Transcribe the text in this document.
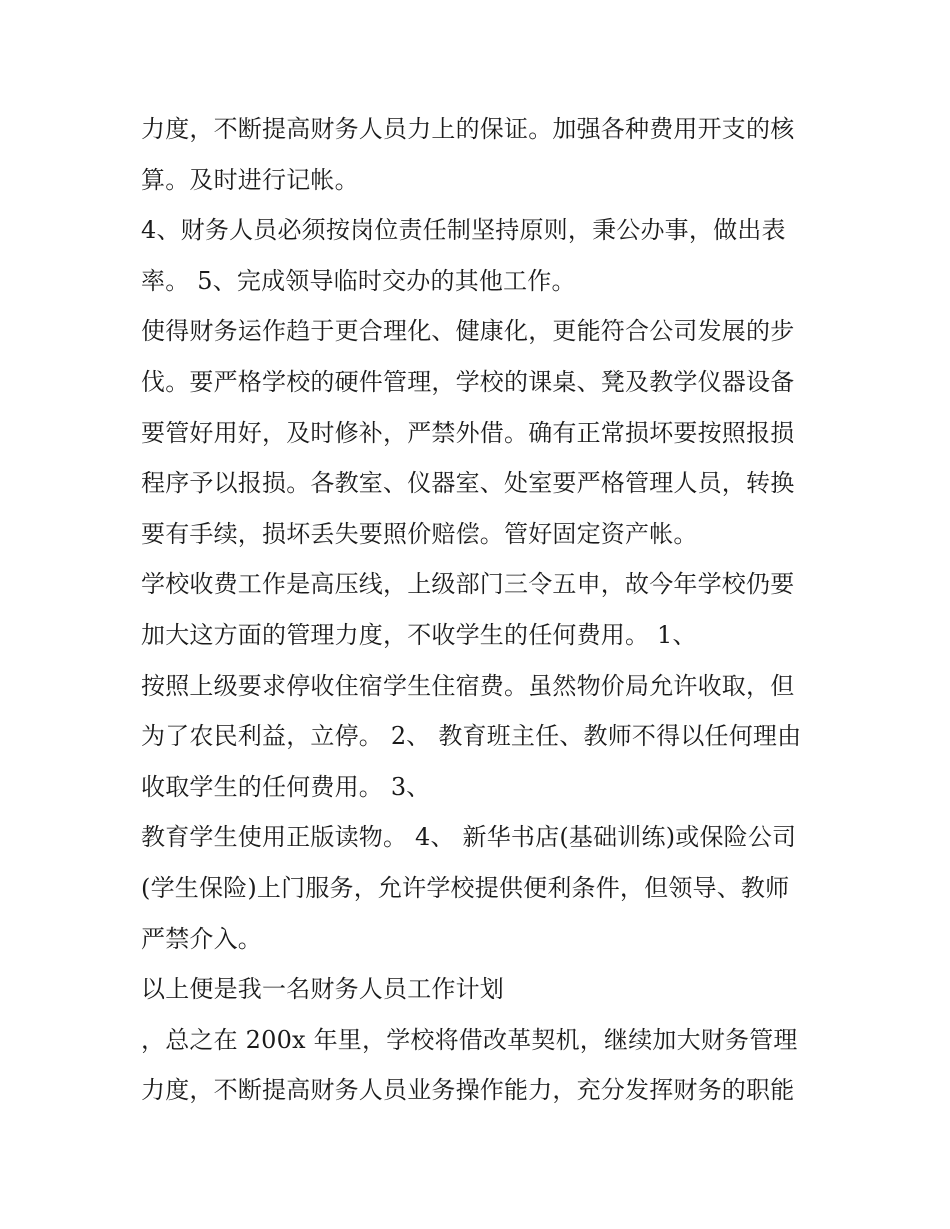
力度，不断提高财务人员力上的保证。加强各种费用开支的核
算。及时进行记帐。
4、财务人员必须按岗位责任制坚持原则，秉公办事，做出表
率。 5、完成领导临时交办的其他工作。
使得财务运作趋于更合理化、健康化，更能符合公司发展的步
伐。要严格学校的硬件管理，学校的课桌、凳及教学仪器设备
要管好用好，及时修补，严禁外借。确有正常损坏要按照报损
程序予以报损。各教室、仪器室、处室要严格管理人员，转换
要有手续，损坏丢失要照价赔偿。管好固定资产帐。
学校收费工作是高压线，上级部门三令五申，故今年学校仍要
加大这方面的管理力度，不收学生的任何费用。 1、
按照上级要求停收住宿学生住宿费。虽然物价局允许收取，但
为了农民利益，立停。 2、 教育班主任、教师不得以任何理由
收取学生的任何费用。 3、
教育学生使用正版读物。 4、 新华书店(基础训练)或保险公司
(学生保险)上门服务，允许学校提供便利条件，但领导、教师
严禁介入。
以上便是我一名财务人员工作计划
，总之在 200x 年里，学校将借改革契机，继续加大财务管理
力度，不断提高财务人员业务操作能力，充分发挥财务的职能
